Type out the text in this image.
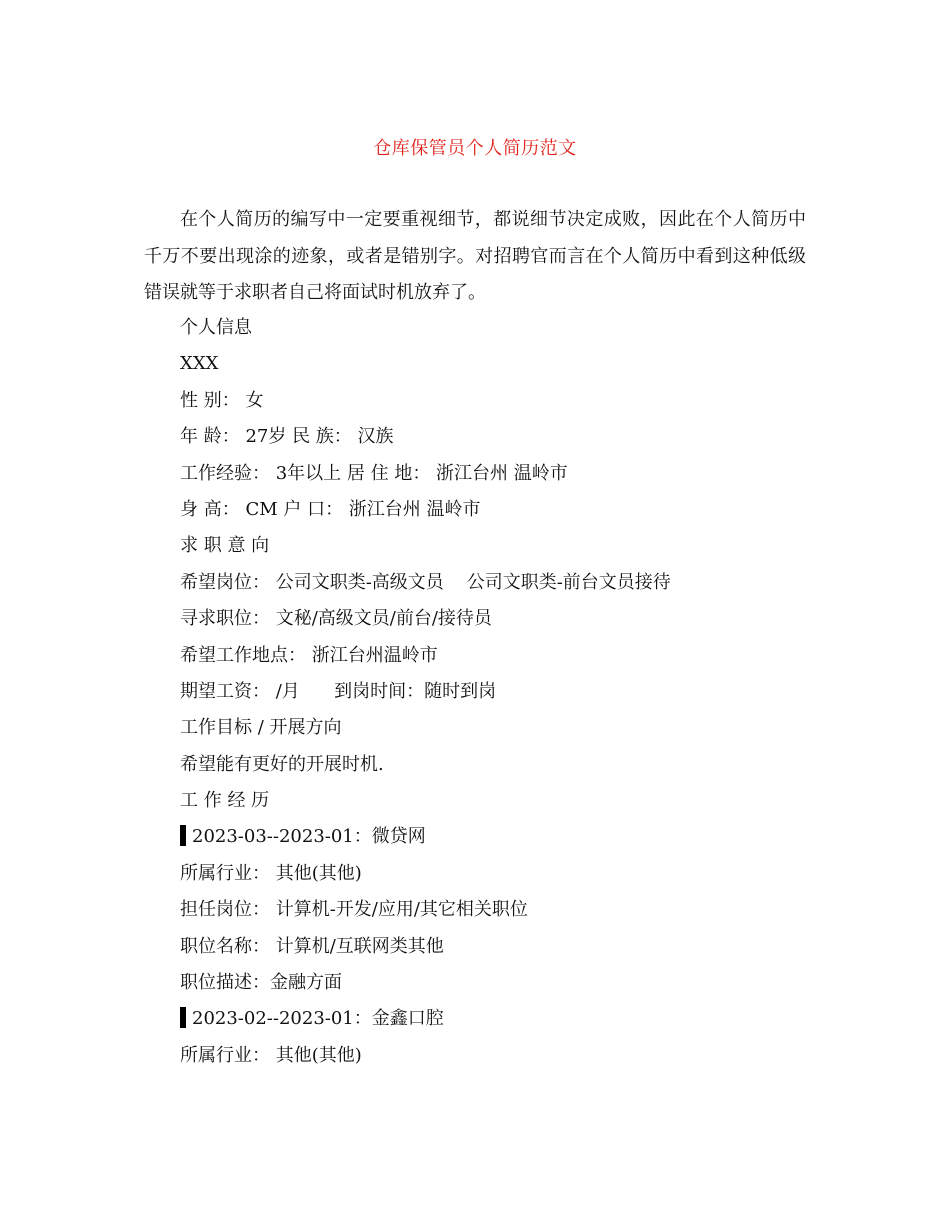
仓库保管员个人简历范文

在个人简历的编写中一定要重视细节，都说细节决定成败，因此在个人简历中千万不要出现涂的迹象，或者是错别字。对招聘官而言在个人简历中看到这种低级错误就等于求职者自己将面试时机放弃了。

个人信息
XXX
性 别： 女
年 龄： 27岁 民 族： 汉族
工作经验： 3年以上 居 住 地： 浙江台州 温岭市
身 高： CM 户 口： 浙江台州 温岭市
求 职 意 向
希望岗位： 公司文职类-高级文员    公司文职类-前台文员接待
寻求职位： 文秘/高级文员/前台/接待员
希望工作地点： 浙江台州温岭市
期望工资： /月      到岗时间：随时到岗
工作目标 / 开展方向
希望能有更好的开展时机.
工 作 经 历
2023-03--2023-01：微贷网
所属行业： 其他(其他)
担任岗位： 计算机-开发/应用/其它相关职位
职位名称： 计算机/互联网类其他
职位描述：金融方面
2023-02--2023-01：金鑫口腔
所属行业： 其他(其他)
